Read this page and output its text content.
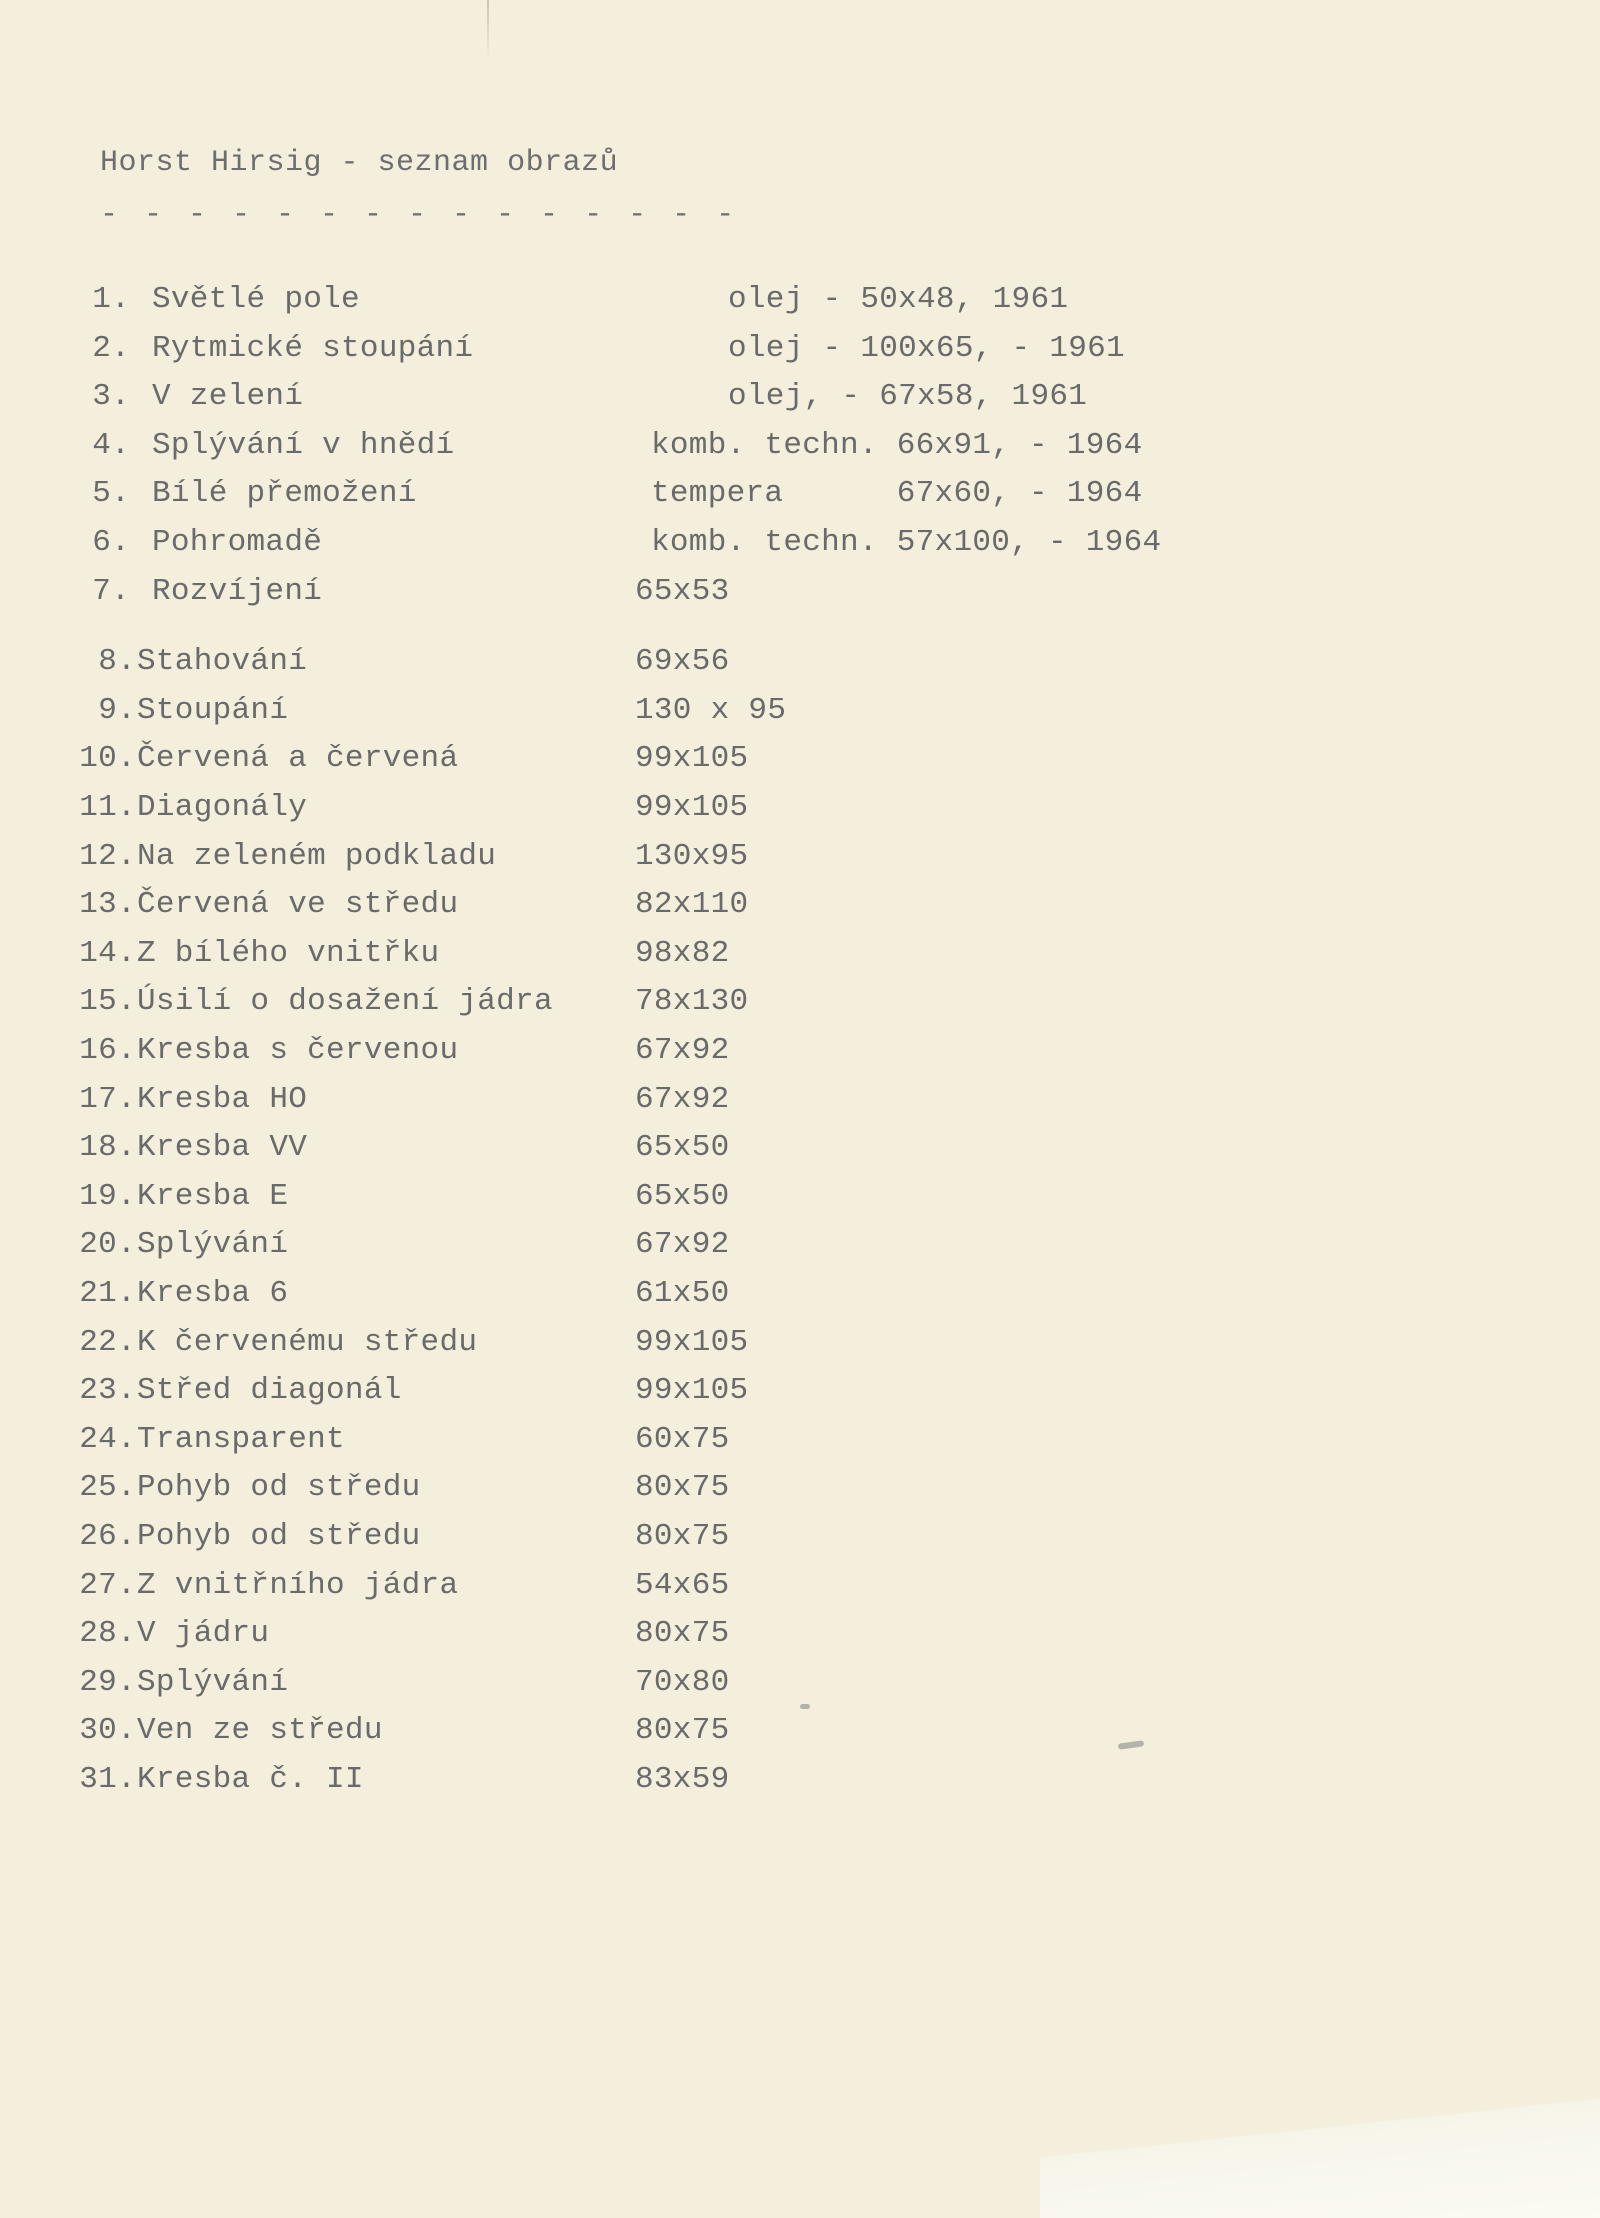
Horst Hirsig - seznam obrazů
- - - - - - - - - - - - - - -
1. Světlé pole	olej - 50x48, 1961
2. Rytmické stoupání	olej - 100x65, - 1961
3. V zelení	olej, - 67x58, 1961
4. Splývání v hnědí	komb. techn. 66x91, - 1964
5. Bílé přemožení	tempera      67x60, - 1964
6. Pohromadě	komb. techn. 57x100, - 1964
7. Rozvíjení	65x53
8. Stahování	69x56
9. Stoupání	130 x 95
10. Červená a červená	99x105
11. Diagonály	99x105
12. Na zeleném podkladu	130x95
13. Červená ve středu	82x110
14. Z bílého vnitřku	98x82
15. Úsilí o dosažení jádra	78x130
16. Kresba s červenou	67x92
17. Kresba HO	67x92
18. Kresba VV	65x50
19. Kresba E	65x50
20. Splývání	67x92
21. Kresba 6	61x50
22. K červenému středu	99x105
23. Střed diagonál	99x105
24. Transparent	60x75
25. Pohyb od středu	80x75
26. Pohyb od středu	80x75
27. Z vnitřního jádra	54x65
28. V jádru	80x75
29. Splývání	70x80
30. Ven ze středu	80x75
31. Kresba č. II	83x59
